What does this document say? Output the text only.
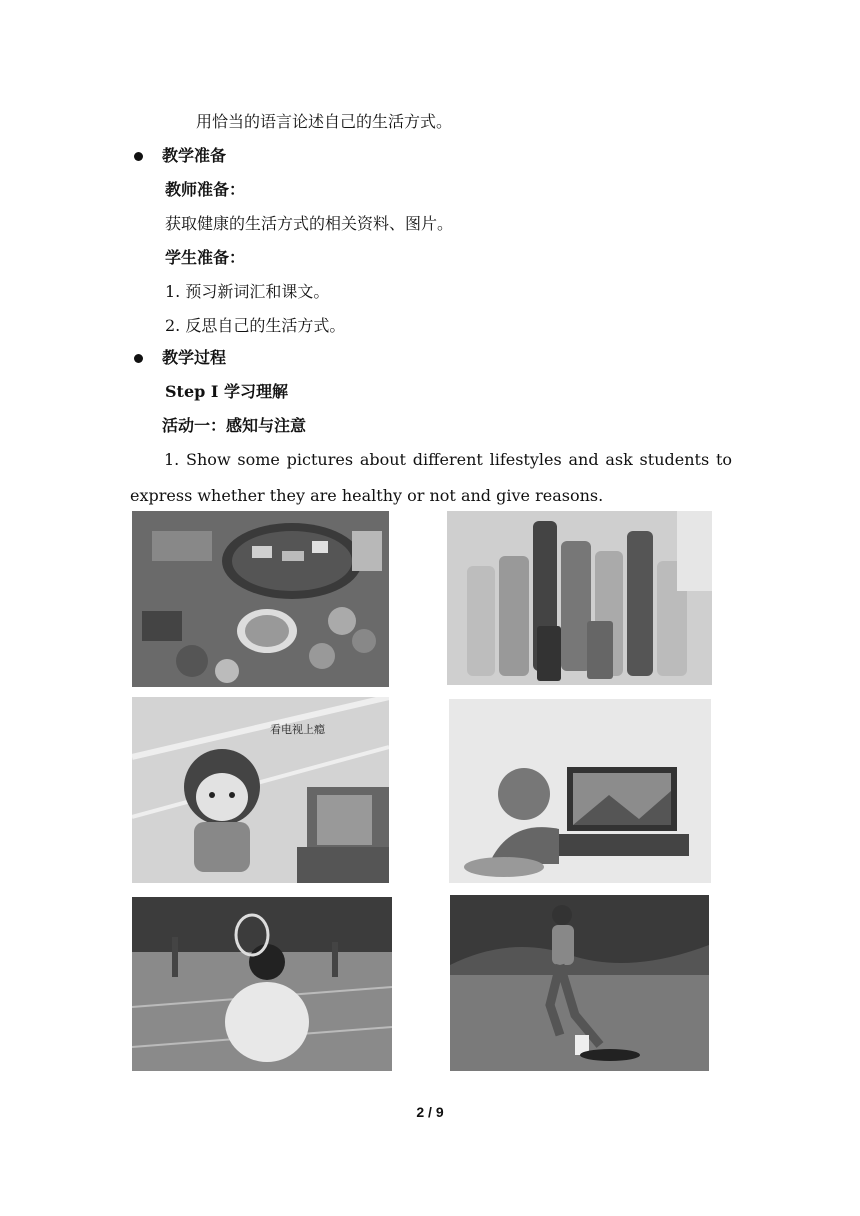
用恰当的语言论述自己的生活方式。
教学准备
教师准备：
获取健康的生活方式的相关资料、图片。
学生准备：
1. 预习新词汇和课文。
2. 反思自己的生活方式。
教学过程
Step I 学习理解
活动一：感知与注意
1. Show some pictures about different lifestyles and ask students to express whether they are healthy or not and give reasons.
看电视上瘾
2 / 9
